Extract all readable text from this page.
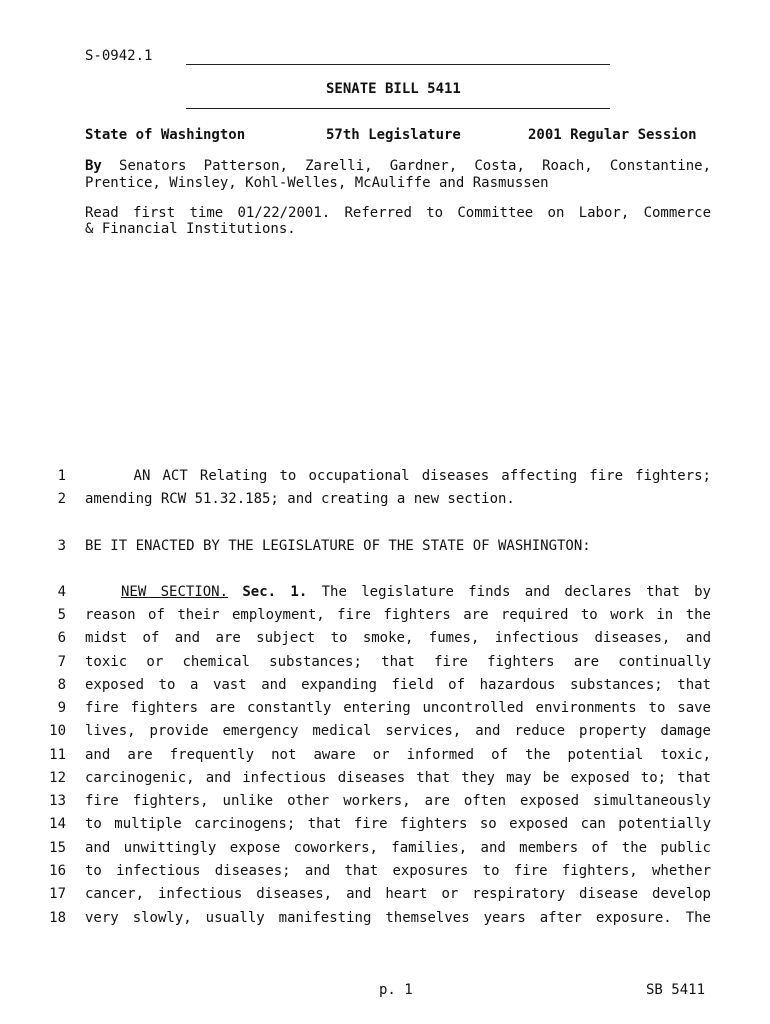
S-0942.1
SENATE BILL 5411
State of Washington	57th Legislature	2001 Regular Session
By Senators Patterson, Zarelli, Gardner, Costa, Roach, Constantine,
Prentice, Winsley, Kohl-Welles, McAuliffe and Rasmussen
Read first time 01/22/2001. Referred to Committee on Labor, Commerce
& Financial Institutions.
1 AN ACT Relating to occupational diseases affecting fire fighters;
2 amending RCW 51.32.185; and creating a new section.
3 BE IT ENACTED BY THE LEGISLATURE OF THE STATE OF WASHINGTON:
4	NEW SECTION. Sec. 1. The legislature finds and declares that by
5 reason of their employment, fire fighters are required to work in the
6 midst of and are subject to smoke, fumes, infectious diseases, and
7 toxic or chemical substances; that fire fighters are continually
8 exposed to a vast and expanding field of hazardous substances; that
9 fire fighters are constantly entering uncontrolled environments to save
10 lives, provide emergency medical services, and reduce property damage
11 and are frequently not aware or informed of the potential toxic,
12 carcinogenic, and infectious diseases that they may be exposed to; that
13 fire fighters, unlike other workers, are often exposed simultaneously
14 to multiple carcinogens; that fire fighters so exposed can potentially
15 and unwittingly expose coworkers, families, and members of the public
16 to infectious diseases; and that exposures to fire fighters, whether
17 cancer, infectious diseases, and heart or respiratory disease develop
18 very slowly, usually manifesting themselves years after exposure. The
p. 1	SB 5411
